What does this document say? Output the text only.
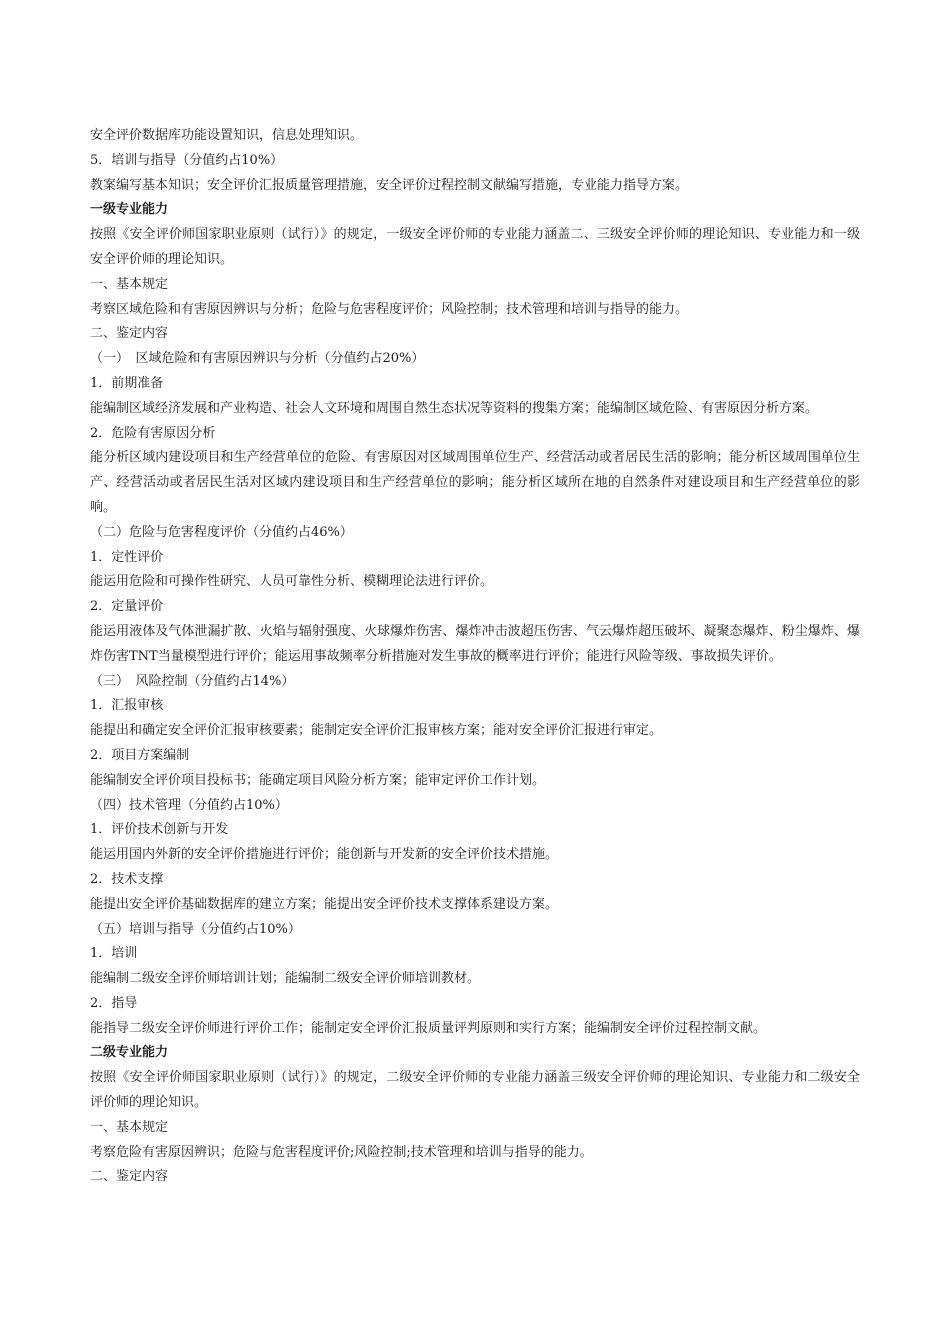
安全评价数据库功能设置知识，信息处理知识。

5．培训与指导（分值约占10%）

教案编写基本知识；安全评价汇报质量管理措施，安全评价过程控制文献编写措施，专业能力指导方案。

一级专业能力

按照《安全评价师国家职业原则（试行）》的规定，一级安全评价师的专业能力涵盖二、三级安全评价师的理论知识、专业能力和一级安全评价师的理论知识。

一、基本规定

考察区域危险和有害原因辨识与分析；危险与危害程度评价；风险控制；技术管理和培训与指导的能力。

二、鉴定内容

（一）　区域危险和有害原因辨识与分析（分值约占20%）

1．前期准备

能编制区域经济发展和产业构造、社会人文环境和周围自然生态状况等资料的搜集方案；能编制区域危险、有害原因分析方案。

2．危险有害原因分析

能分析区域内建设项目和生产经营单位的危险、有害原因对区域周围单位生产、经营活动或者居民生活的影响；能分析区域周围单位生产、经营活动或者居民生活对区域内建设项目和生产经营单位的影响；能分析区域所在地的自然条件对建设项目和生产经营单位的影响。

（二）危险与危害程度评价（分值约占46%）

1．定性评价

能运用危险和可操作性研究、人员可靠性分析、模糊理论法进行评价。

2．定量评价

能运用液体及气体泄漏扩散、火焰与辐射强度、火球爆炸伤害、爆炸冲击波超压伤害、气云爆炸超压破坏、凝聚态爆炸、粉尘爆炸、爆炸伤害TNT当量模型进行评价；能运用事故频率分析措施对发生事故的概率进行评价；能进行风险等级、事故损失评价。

（三）　风险控制（分值约占14%）

1．汇报审核

能提出和确定安全评价汇报审核要素；能制定安全评价汇报审核方案；能对安全评价汇报进行审定。

2．项目方案编制

能编制安全评价项目投标书；能确定项目风险分析方案；能审定评价工作计划。

（四）技术管理（分值约占10%）

1．评价技术创新与开发

能运用国内外新的安全评价措施进行评价；能创新与开发新的安全评价技术措施。

2．技术支撑

能提出安全评价基础数据库的建立方案；能提出安全评价技术支撑体系建设方案。

（五）培训与指导（分值约占10%）

1．培训

能编制二级安全评价师培训计划；能编制二级安全评价师培训教材。

2．指导

能指导二级安全评价师进行评价工作；能制定安全评价汇报质量评判原则和实行方案；能编制安全评价过程控制文献。

二级专业能力

按照《安全评价师国家职业原则（试行）》的规定，二级安全评价师的专业能力涵盖三级安全评价师的理论知识、专业能力和二级安全评价师的理论知识。

一、基本规定

考察危险有害原因辨识；危险与危害程度评价;风险控制;技术管理和培训与指导的能力。

二、鉴定内容
